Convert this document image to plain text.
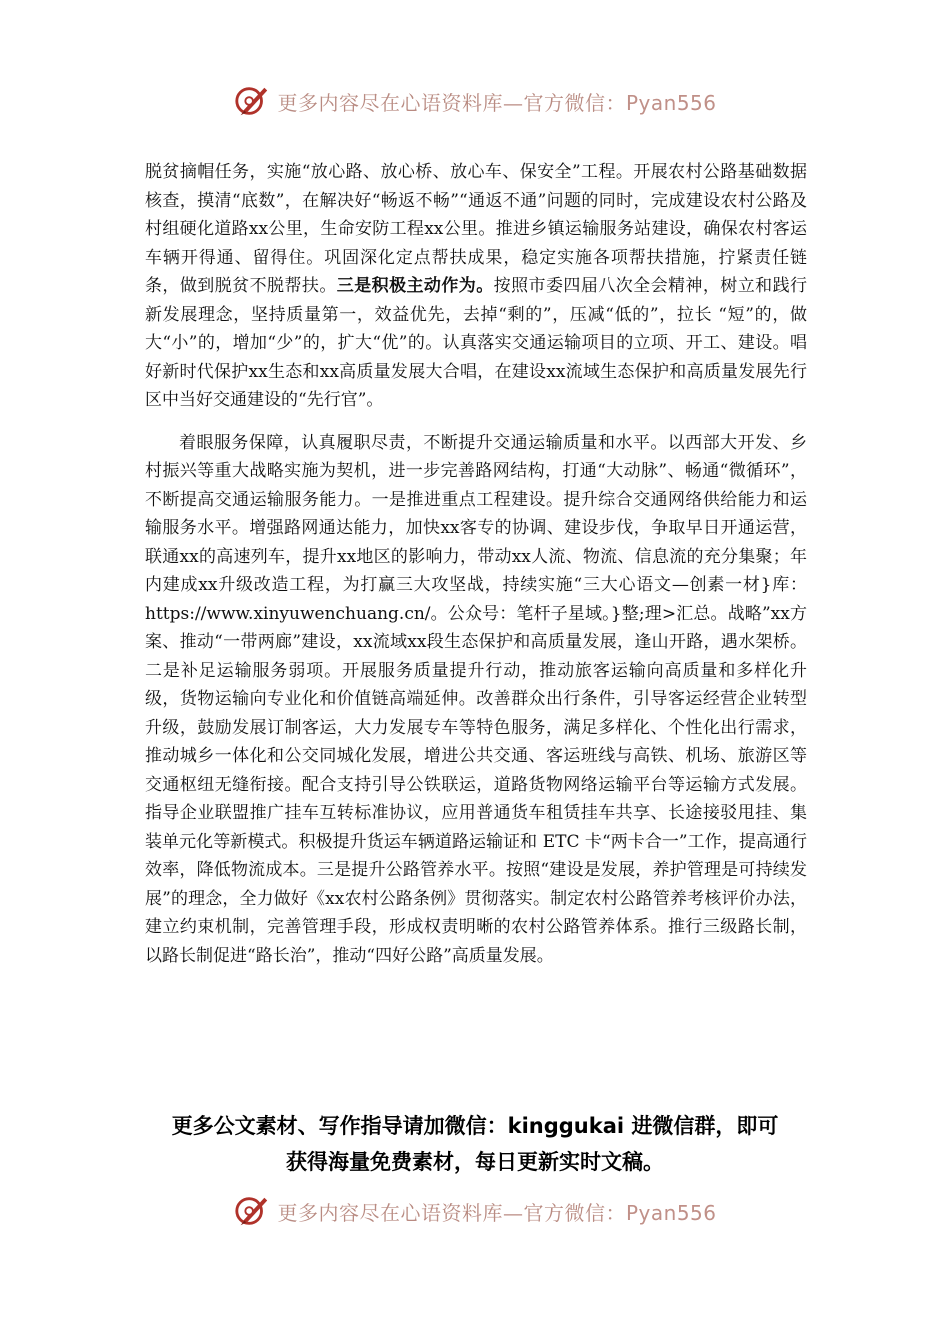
更多内容尽在心语资料库—官方微信：Pyan556

脱贫摘帽任务，实施“放心路、放心桥、放心车、保安全”工程。开展农村公路基础数据核查，摸清“底数”，在解决好“畅返不畅”“通返不通”问题的同时，完成建设农村公路及村组硬化道路xx公里，生命安防工程xx公里。推进乡镇运输服务站建设，确保农村客运车辆开得通、留得住。巩固深化定点帮扶成果，稳定实施各项帮扶措施，拧紧责任链条，做到脱贫不脱帮扶。三是积极主动作为。按照市委四届八次全会精神，树立和践行新发展理念，坚持质量第一，效益优先，去掉“剩的”，压减“低的”，拉长 “短”的，做大“小”的，增加“少”的，扩大“优”的。认真落实交通运输项目的立项、开工、建设。唱好新时代保护xx生态和xx高质量发展大合唱，在建设xx流域生态保护和高质量发展先行区中当好交通建设的“先行官”。

着眼服务保障，认真履职尽责，不断提升交通运输质量和水平。以西部大开发、乡村振兴等重大战略实施为契机，进一步完善路网结构，打通“大动脉”、畅通“微循环”，不断提高交通运输服务能力。一是推进重点工程建设。提升综合交通网络供给能力和运输服务水平。增强路网通达能力，加快xx客专的协调、建设步伐，争取早日开通运营，联通xx的高速列车，提升xx地区的影响力，带动xx人流、物流、信息流的充分集聚；年内建成xx升级改造工程，为打赢三大攻坚战，持续实施“三大心语文—创素一材}库：https://www.xinyuwenchuang.cn/。公众号：笔杆子星域。}整;理>汇总。战略”xx方案、推动“一带两廊”建设，xx流域xx段生态保护和高质量发展，逢山开路，遇水架桥。二是补足运输服务弱项。开展服务质量提升行动，推动旅客运输向高质量和多样化升级，货物运输向专业化和价值链高端延伸。改善群众出行条件，引导客运经营企业转型升级，鼓励发展订制客运，大力发展专车等特色服务，满足多样化、个性化出行需求，推动城乡一体化和公交同城化发展，增进公共交通、客运班线与高铁、机场、旅游区等交通枢纽无缝衔接。配合支持引导公铁联运，道路货物网络运输平台等运输方式发展。指导企业联盟推广挂车互转标准协议，应用普通货车租赁挂车共享、长途接驳甩挂、集装单元化等新模式。积极提升货运车辆道路运输证和 ETC 卡“两卡合一”工作，提高通行效率，降低物流成本。三是提升公路管养水平。按照“建设是发展，养护管理是可持续发展”的理念，全力做好《xx农村公路条例》贯彻落实。制定农村公路管养考核评价办法，建立约束机制，完善管理手段，形成权责明晰的农村公路管养体系。推行三级路长制， 以路长制促进“路长治”，推动“四好公路”高质量发展。

更多公文素材、写作指导请加微信：kinggukai 进微信群，即可
获得海量免费素材，每日更新实时文稿。
更多内容尽在心语资料库—官方微信：Pyan556
